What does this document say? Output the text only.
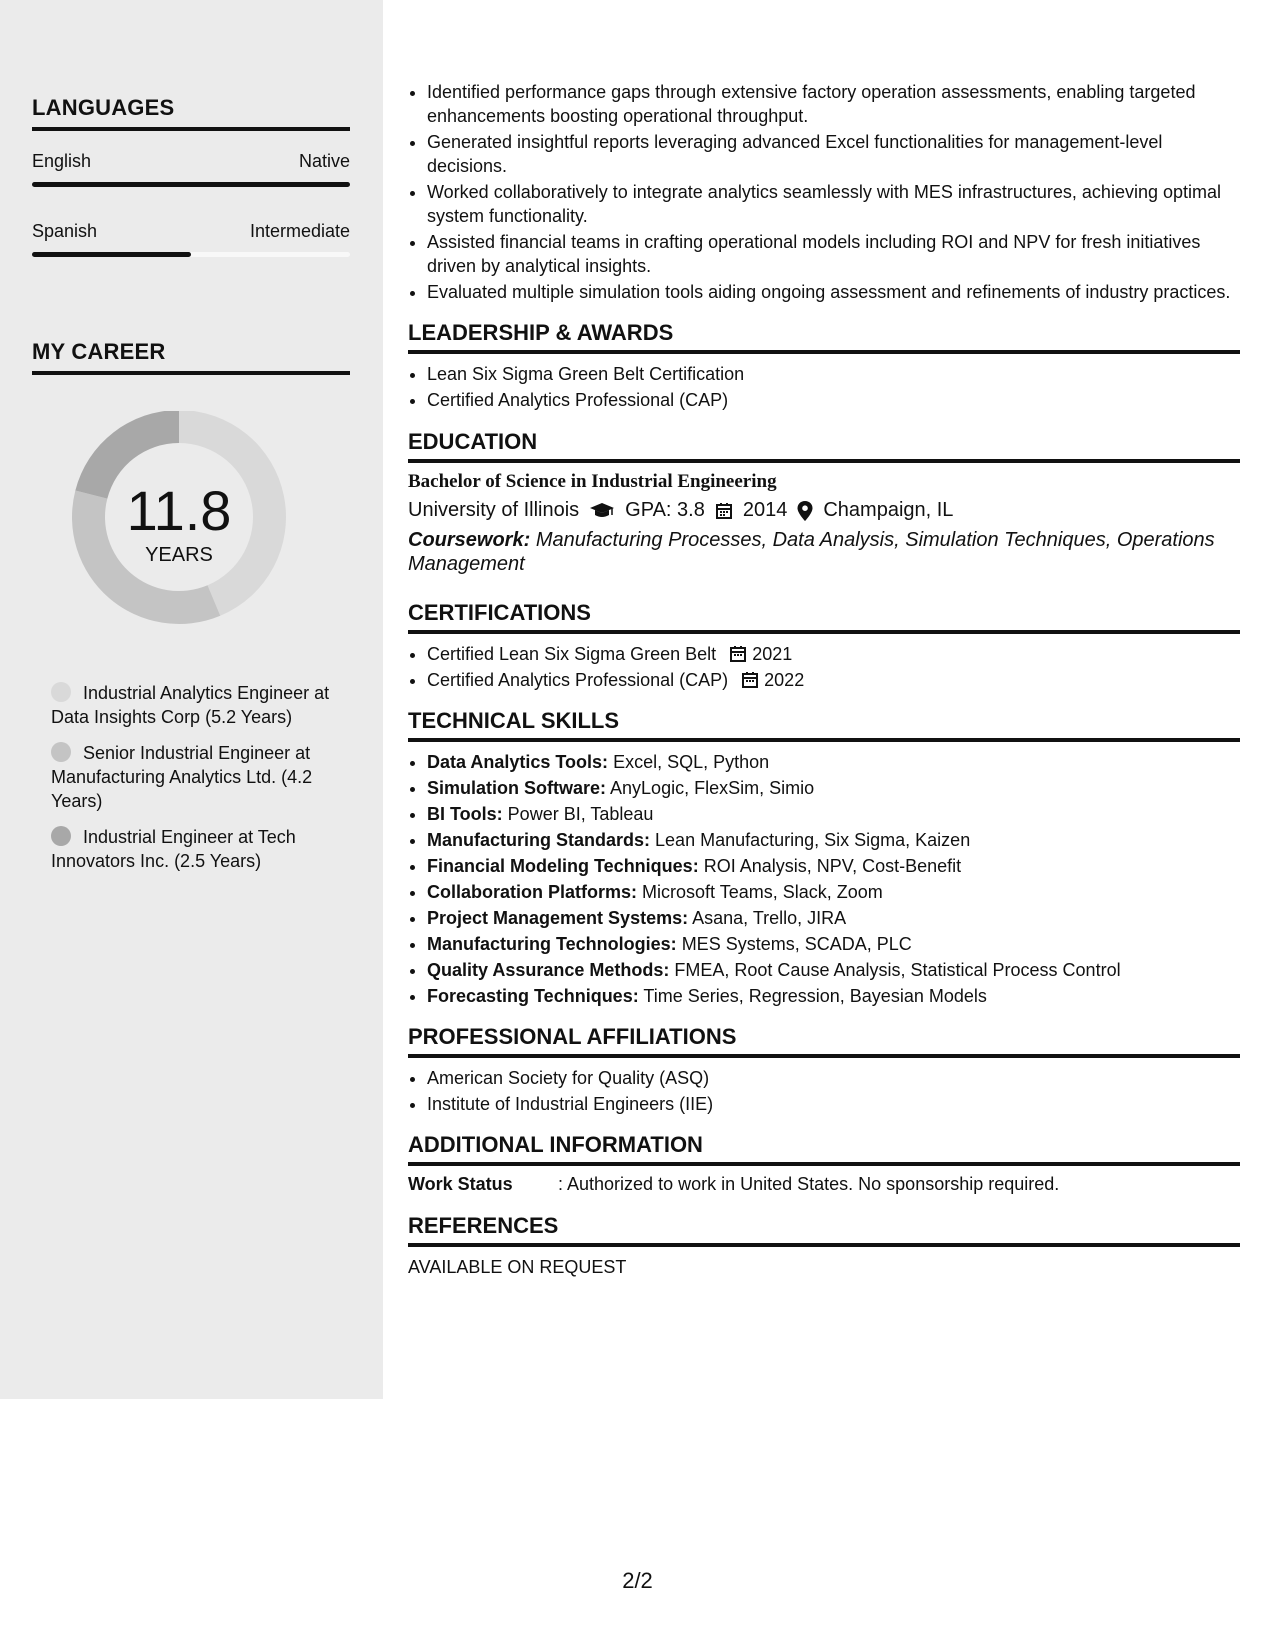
LANGUAGES
English	Native
Spanish	Intermediate
MY CAREER
11.8
YEARS
Industrial Analytics Engineer at Data Insights Corp (5.2 Years)
Senior Industrial Engineer at Manufacturing Analytics Ltd. (4.2 Years)
Industrial Engineer at Tech Innovators Inc. (2.5 Years)
• Identified performance gaps through extensive factory operation assessments, enabling targeted enhancements boosting operational throughput.
• Generated insightful reports leveraging advanced Excel functionalities for management-level decisions.
• Worked collaboratively to integrate analytics seamlessly with MES infrastructures, achieving optimal system functionality.
• Assisted financial teams in crafting operational models including ROI and NPV for fresh initiatives driven by analytical insights.
• Evaluated multiple simulation tools aiding ongoing assessment and refinements of industry practices.
LEADERSHIP & AWARDS
• Lean Six Sigma Green Belt Certification
• Certified Analytics Professional (CAP)
EDUCATION
Bachelor of Science in Industrial Engineering
University of Illinois GPA: 3.8 2014 Champaign, IL
Coursework: Manufacturing Processes, Data Analysis, Simulation Techniques, Operations Management
CERTIFICATIONS
• Certified Lean Six Sigma Green Belt 2021
• Certified Analytics Professional (CAP) 2022
TECHNICAL SKILLS
• Data Analytics Tools: Excel, SQL, Python
• Simulation Software: AnyLogic, FlexSim, Simio
• BI Tools: Power BI, Tableau
• Manufacturing Standards: Lean Manufacturing, Six Sigma, Kaizen
• Financial Modeling Techniques: ROI Analysis, NPV, Cost-Benefit
• Collaboration Platforms: Microsoft Teams, Slack, Zoom
• Project Management Systems: Asana, Trello, JIRA
• Manufacturing Technologies: MES Systems, SCADA, PLC
• Quality Assurance Methods: FMEA, Root Cause Analysis, Statistical Process Control
• Forecasting Techniques: Time Series, Regression, Bayesian Models
PROFESSIONAL AFFILIATIONS
• American Society for Quality (ASQ)
• Institute of Industrial Engineers (IIE)
ADDITIONAL INFORMATION
Work Status	: Authorized to work in United States. No sponsorship required.
REFERENCES
AVAILABLE ON REQUEST
2/2
